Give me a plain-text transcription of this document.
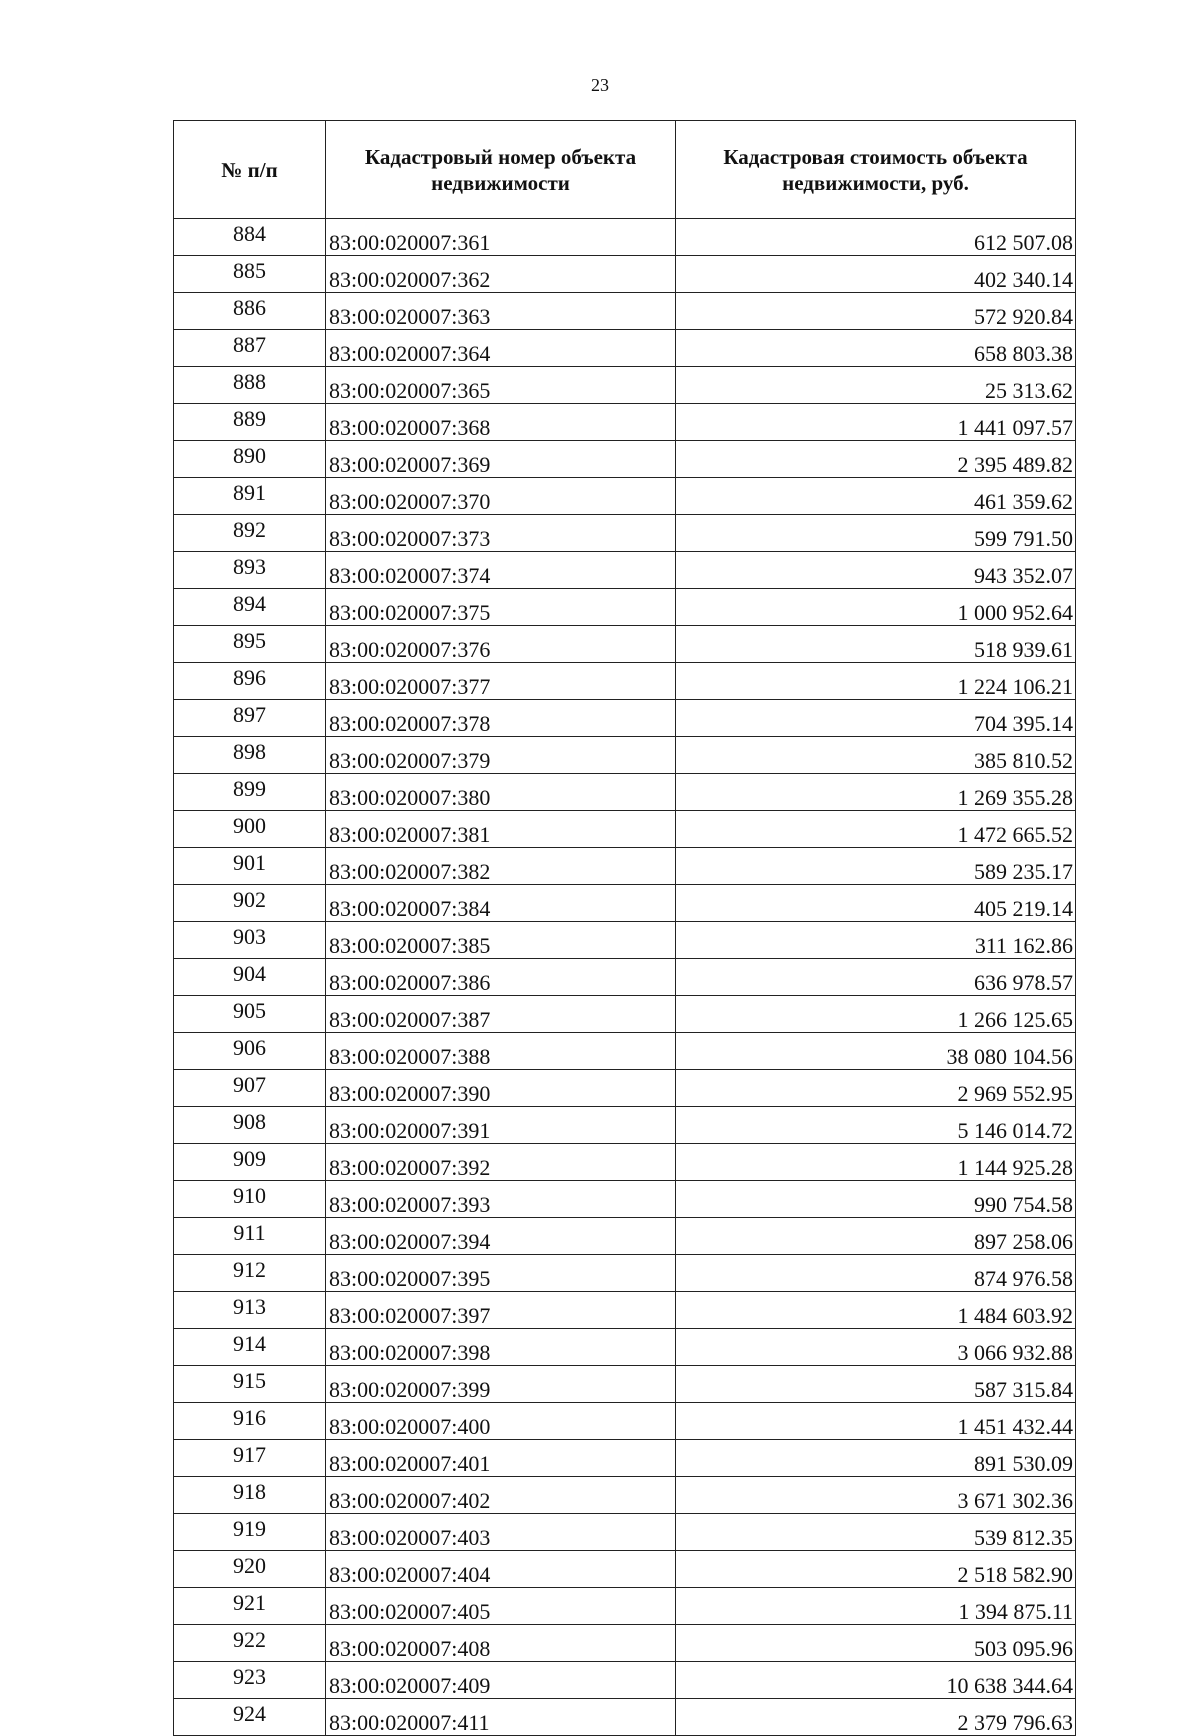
23
№ п/п	Кадастровый номер объекта недвижимости	Кадастровая стоимость объекта недвижимости, руб.
884	83:00:020007:361	612 507.08
885	83:00:020007:362	402 340.14
886	83:00:020007:363	572 920.84
887	83:00:020007:364	658 803.38
888	83:00:020007:365	25 313.62
889	83:00:020007:368	1 441 097.57
890	83:00:020007:369	2 395 489.82
891	83:00:020007:370	461 359.62
892	83:00:020007:373	599 791.50
893	83:00:020007:374	943 352.07
894	83:00:020007:375	1 000 952.64
895	83:00:020007:376	518 939.61
896	83:00:020007:377	1 224 106.21
897	83:00:020007:378	704 395.14
898	83:00:020007:379	385 810.52
899	83:00:020007:380	1 269 355.28
900	83:00:020007:381	1 472 665.52
901	83:00:020007:382	589 235.17
902	83:00:020007:384	405 219.14
903	83:00:020007:385	311 162.86
904	83:00:020007:386	636 978.57
905	83:00:020007:387	1 266 125.65
906	83:00:020007:388	38 080 104.56
907	83:00:020007:390	2 969 552.95
908	83:00:020007:391	5 146 014.72
909	83:00:020007:392	1 144 925.28
910	83:00:020007:393	990 754.58
911	83:00:020007:394	897 258.06
912	83:00:020007:395	874 976.58
913	83:00:020007:397	1 484 603.92
914	83:00:020007:398	3 066 932.88
915	83:00:020007:399	587 315.84
916	83:00:020007:400	1 451 432.44
917	83:00:020007:401	891 530.09
918	83:00:020007:402	3 671 302.36
919	83:00:020007:403	539 812.35
920	83:00:020007:404	2 518 582.90
921	83:00:020007:405	1 394 875.11
922	83:00:020007:408	503 095.96
923	83:00:020007:409	10 638 344.64
924	83:00:020007:411	2 379 796.63
